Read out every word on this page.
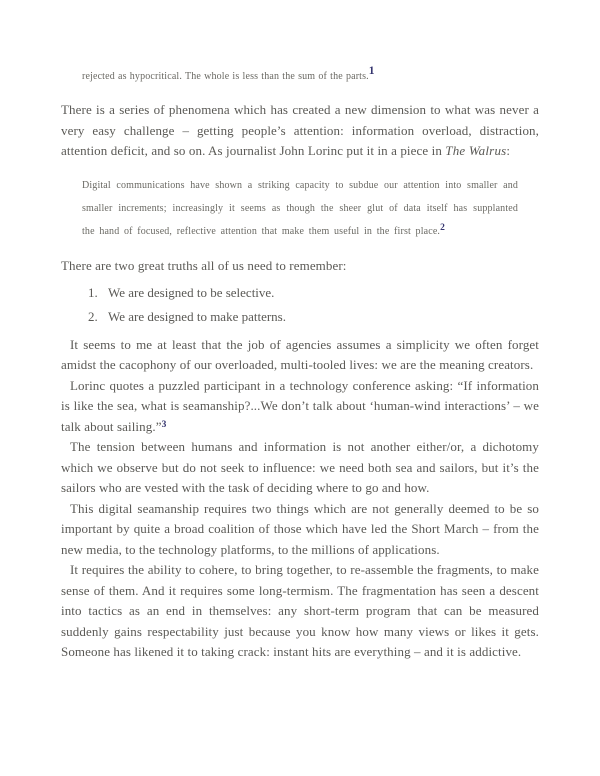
rejected as hypocritical. The whole is less than the sum of the parts.$^1$

There is a series of phenomena which has created a new dimension to what was never a very easy challenge – getting people’s attention: information overload, distraction, attention deficit, and so on. As journalist John Lorinc put it in a piece in The Walrus:

Digital communications have shown a striking capacity to subdue our attention into smaller and smaller increments; increasingly it seems as though the sheer glut of data itself has supplanted the hand of focused, reflective attention that make them useful in the first place.$^2$

There are two great truths all of us need to remember:

1. We are designed to be selective.
2. We are designed to make patterns.

It seems to me at least that the job of agencies assumes a simplicity we often forget amidst the cacophony of our overloaded, multi-tooled lives: we are the meaning creators.

Lorinc quotes a puzzled participant in a technology conference asking: “If information is like the sea, what is seamanship?...We don’t talk about ‘human-wind interactions’ – we talk about sailing.”$^3$

The tension between humans and information is not another either/or, a dichotomy which we observe but do not seek to influence: we need both sea and sailors, but it’s the sailors who are vested with the task of deciding where to go and how.

This digital seamanship requires two things which are not generally deemed to be so important by quite a broad coalition of those which have led the Short March – from the new media, to the technology platforms, to the millions of applications.

It requires the ability to cohere, to bring together, to re-assemble the fragments, to make sense of them. And it requires some long-termism. The fragmentation has seen a descent into tactics as an end in themselves: any short-term program that can be measured suddenly gains respectability just because you know how many views or likes it gets. Someone has likened it to taking crack: instant hits are everything – and it is addictive.
